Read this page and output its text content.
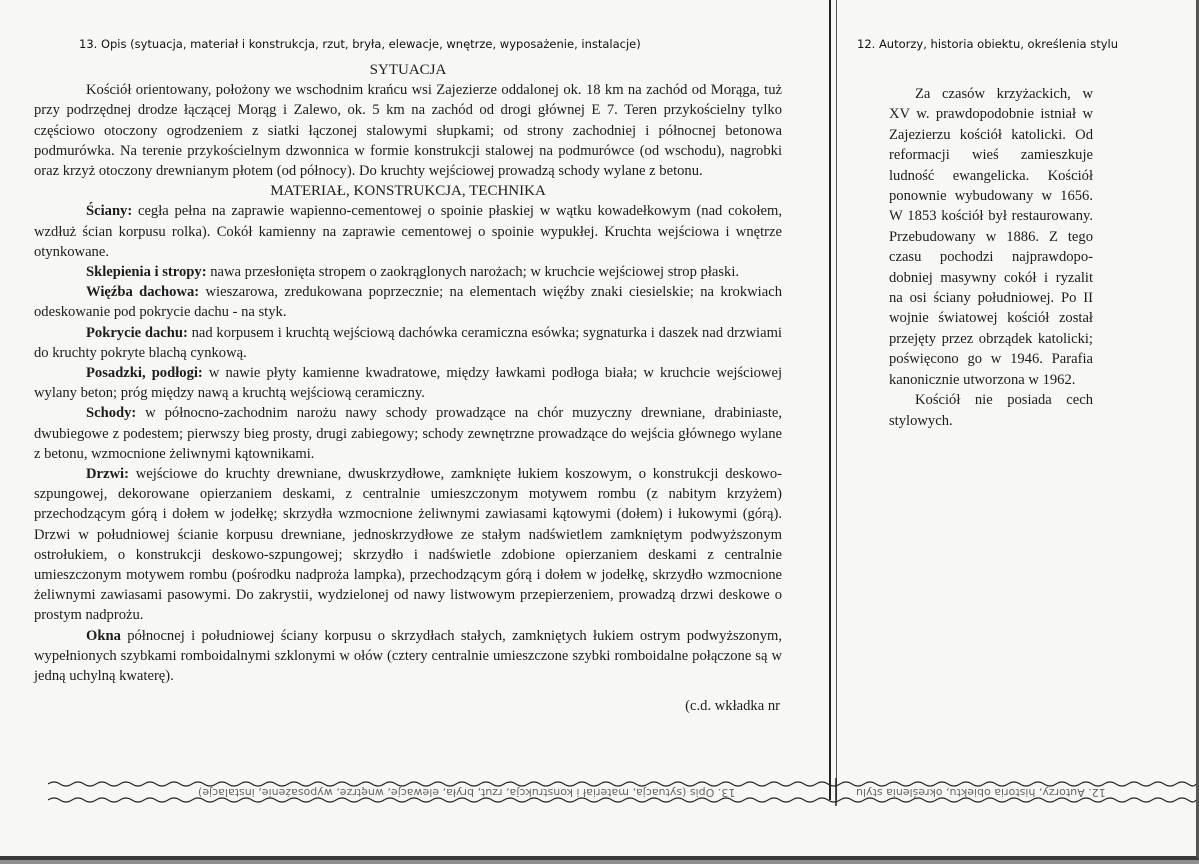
13. Opis (sytuacja, materiał i konstrukcja, rzut, bryła, elewacje, wnętrze, wyposażenie, instalacje)	12. Autorzy, historia obiektu, określenia stylu
SYTUACJA

Kościół orientowany, położony we wschodnim krańcu wsi Zajezierze oddalonej ok. 18 km na zachód od Morąga, tuż przy podrzędnej drodze łączącej Morąg i Zalewo, ok. 5 km na zachód od drogi głównej E 7. Teren przykościelny tylko częściowo otoczony ogrodzeniem z siatki łączonej stalowymi słupkami; od strony zachodniej i północnej betonowa podmurówka. Na terenie przykościelnym dzwonnica w formie konstrukcji stalowej na podmurówce (od wschodu), nagrobki oraz krzyż otoczony drewnianym płotem (od północy). Do kruchty wejściowej prowadzą schody wylane z betonu.

MATERIAŁ, KONSTRUKCJA, TECHNIKA

Ściany: cegła pełna na zaprawie wapienno-cementowej o spoinie płaskiej w wątku kowadełkowym (nad cokołem, wzdłuż ścian korpusu rolka). Cokół kamienny na zaprawie cementowej o spoinie wypukłej. Kruchta wejściowa i wnętrze otynkowane.

Sklepienia i stropy: nawa przesłonięta stropem o zaokrąglonych narożach; w kruchcie wejściowej strop płaski.

Więźba dachowa: wieszarowa, zredukowana poprzecznie; na elementach więźby znaki ciesielskie; na krokwiach odeskowanie pod pokrycie dachu - na styk.

Pokrycie dachu: nad korpusem i kruchtą wejściową dachówka ceramiczna esówka; sygnaturka i daszek nad drzwiami do kruchty pokryte blachą cynkową.

Posadzki, podłogi: w nawie płyty kamienne kwadratowe, między ławkami podłoga biała; w kruchcie wejściowej wylany beton; próg między nawą a kruchtą wejściową ceramiczny.

Schody: w północno-zachodnim narożu nawy schody prowadzące na chór muzyczny drewniane, drabiniaste, dwubiegowe z podestem; pierwszy bieg prosty, drugi zabiegowy; schody zewnętrzne prowadzące do wejścia głównego wylane z betonu, wzmocnione żeliwnymi kątownikami.

Drzwi: wejściowe do kruchty drewniane, dwuskrzydłowe, zamknięte łukiem koszowym, o konstrukcji deskowo-szpungowej, dekorowane opierzaniem deskami, z centralnie umieszczonym motywem rombu (z nabitym krzyżem) przechodzącym górą i dołem w jodełkę; skrzydła wzmocnione żeliwnymi zawiasami kątowymi (dołem) i łukowymi (górą). Drzwi w południowej ścianie korpusu drewniane, jednoskrzydłowe ze stałym nadświetlem zamkniętym podwyższonym ostrołukiem, o konstrukcji deskowo-szpungowej; skrzydło i nadświetle zdobione opierzaniem deskami z centralnie umieszczonym motywem rombu (pośrodku nadproża lampka), przechodzącym górą i dołem w jodełkę, skrzydło wzmocnione żeliwnymi zawiasami pasowymi. Do zakrystii, wydzielonej od nawy listwowym przepierzeniem, prowadzą drzwi deskowe o prostym nadprożu.

Okna północnej i południowej ściany korpusu o skrzydłach stałych, zamkniętych łukiem ostrym podwyższonym, wypełnionych szybkami romboidalnymi szklonymi w ołów (cztery centralnie umieszczone szybki romboidalne połączone są w jedną uchylną kwaterę).

(c.d. wkładka nr

Za czasów krzyżackich, w XV w. prawdopodobnie istniał w Zajezierzu kościół katolicki. Od reformacji wieś zamieszkuje ludność ewangelicka. Kościół ponownie wybudowany w 1656. W 1853 kościół był restaurowany. Przebudowany w 1886. Z tego czasu pochodzi najprawdopo-dobniej masywny cokół i ryzalit na osi ściany południowej. Po II wojnie światowej kościół został przejęty przez obrządek katolicki; poświęcono go w 1946. Parafia kanonicznie utworzona w 1962.

Kościół nie posiada cech stylowych.

13. Opis (sytuacja, materiał i konstrukcja, rzut, bryła, elewacje, wnętrze, wyposażenie, instalacje)	12. Autorzy, historia obiektu, określenia stylu
